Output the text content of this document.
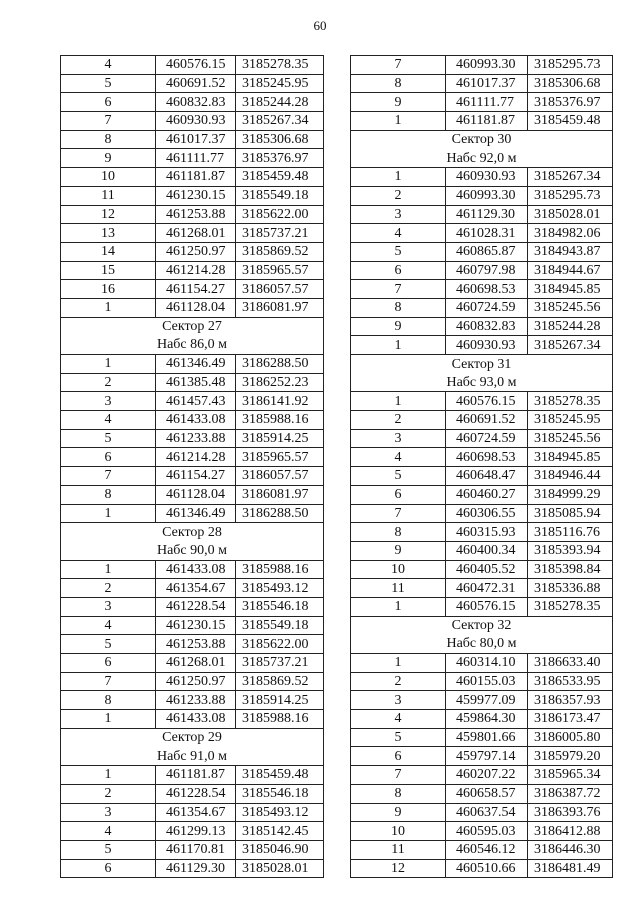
60
4	460576.15	3185278.35
5	460691.52	3185245.95
6	460832.83	3185244.28
7	460930.93	3185267.34
8	461017.37	3185306.68
9	461111.77	3185376.97
10	461181.87	3185459.48
11	461230.15	3185549.18
12	461253.88	3185622.00
13	461268.01	3185737.21
14	461250.97	3185869.52
15	461214.28	3185965.57
16	461154.27	3186057.57
1	461128.04	3186081.97
Сектор 27		
Набс 86,0 м		
1	461346.49	3186288.50
2	461385.48	3186252.23
3	461457.43	3186141.92
4	461433.08	3185988.16
5	461233.88	3185914.25
6	461214.28	3185965.57
7	461154.27	3186057.57
8	461128.04	3186081.97
1	461346.49	3186288.50
Сектор 28		
Набс 90,0 м		
1	461433.08	3185988.16
2	461354.67	3185493.12
3	461228.54	3185546.18
4	461230.15	3185549.18
5	461253.88	3185622.00
6	461268.01	3185737.21
7	461250.97	3185869.52
8	461233.88	3185914.25
1	461433.08	3185988.16
Сектор 29		
Набс 91,0 м		
1	461181.87	3185459.48
2	461228.54	3185546.18
3	461354.67	3185493.12
4	461299.13	3185142.45
5	461170.81	3185046.90
6	461129.30	3185028.01
7	460993.30	3185295.73
8	461017.37	3185306.68
9	461111.77	3185376.97
1	461181.87	3185459.48
Сектор 30		
Набс 92,0 м		
1	460930.93	3185267.34
2	460993.30	3185295.73
3	461129.30	3185028.01
4	461028.31	3184982.06
5	460865.87	3184943.87
6	460797.98	3184944.67
7	460698.53	3184945.85
8	460724.59	3185245.56
9	460832.83	3185244.28
1	460930.93	3185267.34
Сектор 31		
Набс 93,0 м		
1	460576.15	3185278.35
2	460691.52	3185245.95
3	460724.59	3185245.56
4	460698.53	3184945.85
5	460648.47	3184946.44
6	460460.27	3184999.29
7	460306.55	3185085.94
8	460315.93	3185116.76
9	460400.34	3185393.94
10	460405.52	3185398.84
11	460472.31	3185336.88
1	460576.15	3185278.35
Сектор 32		
Набс 80,0 м		
1	460314.10	3186633.40
2	460155.03	3186533.95
3	459977.09	3186357.93
4	459864.30	3186173.47
5	459801.66	3186005.80
6	459797.14	3185979.20
7	460207.22	3185965.34
8	460658.57	3186387.72
9	460637.54	3186393.76
10	460595.03	3186412.88
11	460546.12	3186446.30
12	460510.66	3186481.49
